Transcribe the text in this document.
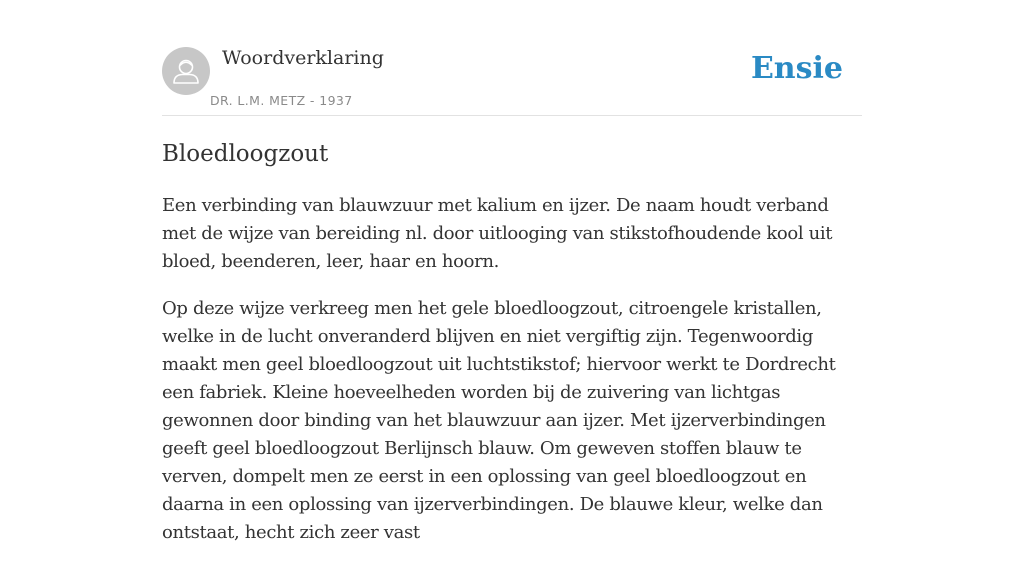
Woordverklaring
DR. L.M. METZ - 1937
Ensie
Bloedloogzout

Een verbinding van blauwzuur met kalium en ijzer. De naam houdt verband met de wijze van bereiding nl. door uitlooging van stikstofhoudende kool uit bloed, beenderen, leer, haar en hoorn.

Op deze wijze verkreeg men het gele bloedloogzout, citroengele kristallen, welke in de lucht onveranderd blijven en niet vergiftig zijn. Tegenwoordig maakt men geel bloedloogzout uit luchtstikstof; hiervoor werkt te Dordrecht een fabriek. Kleine hoeveelheden worden bij de zuivering van lichtgas gewonnen door binding van het blauwzuur aan ijzer. Met ijzerverbindingen geeft geel bloedloogzout Berlijnsch blauw. Om geweven stoffen blauw te verven, dompelt men ze eerst in een oplossing van geel bloedloogzout en daarna in een oplossing van ijzerverbindingen. De blauwe kleur, welke dan ontstaat, hecht zich zeer vast
